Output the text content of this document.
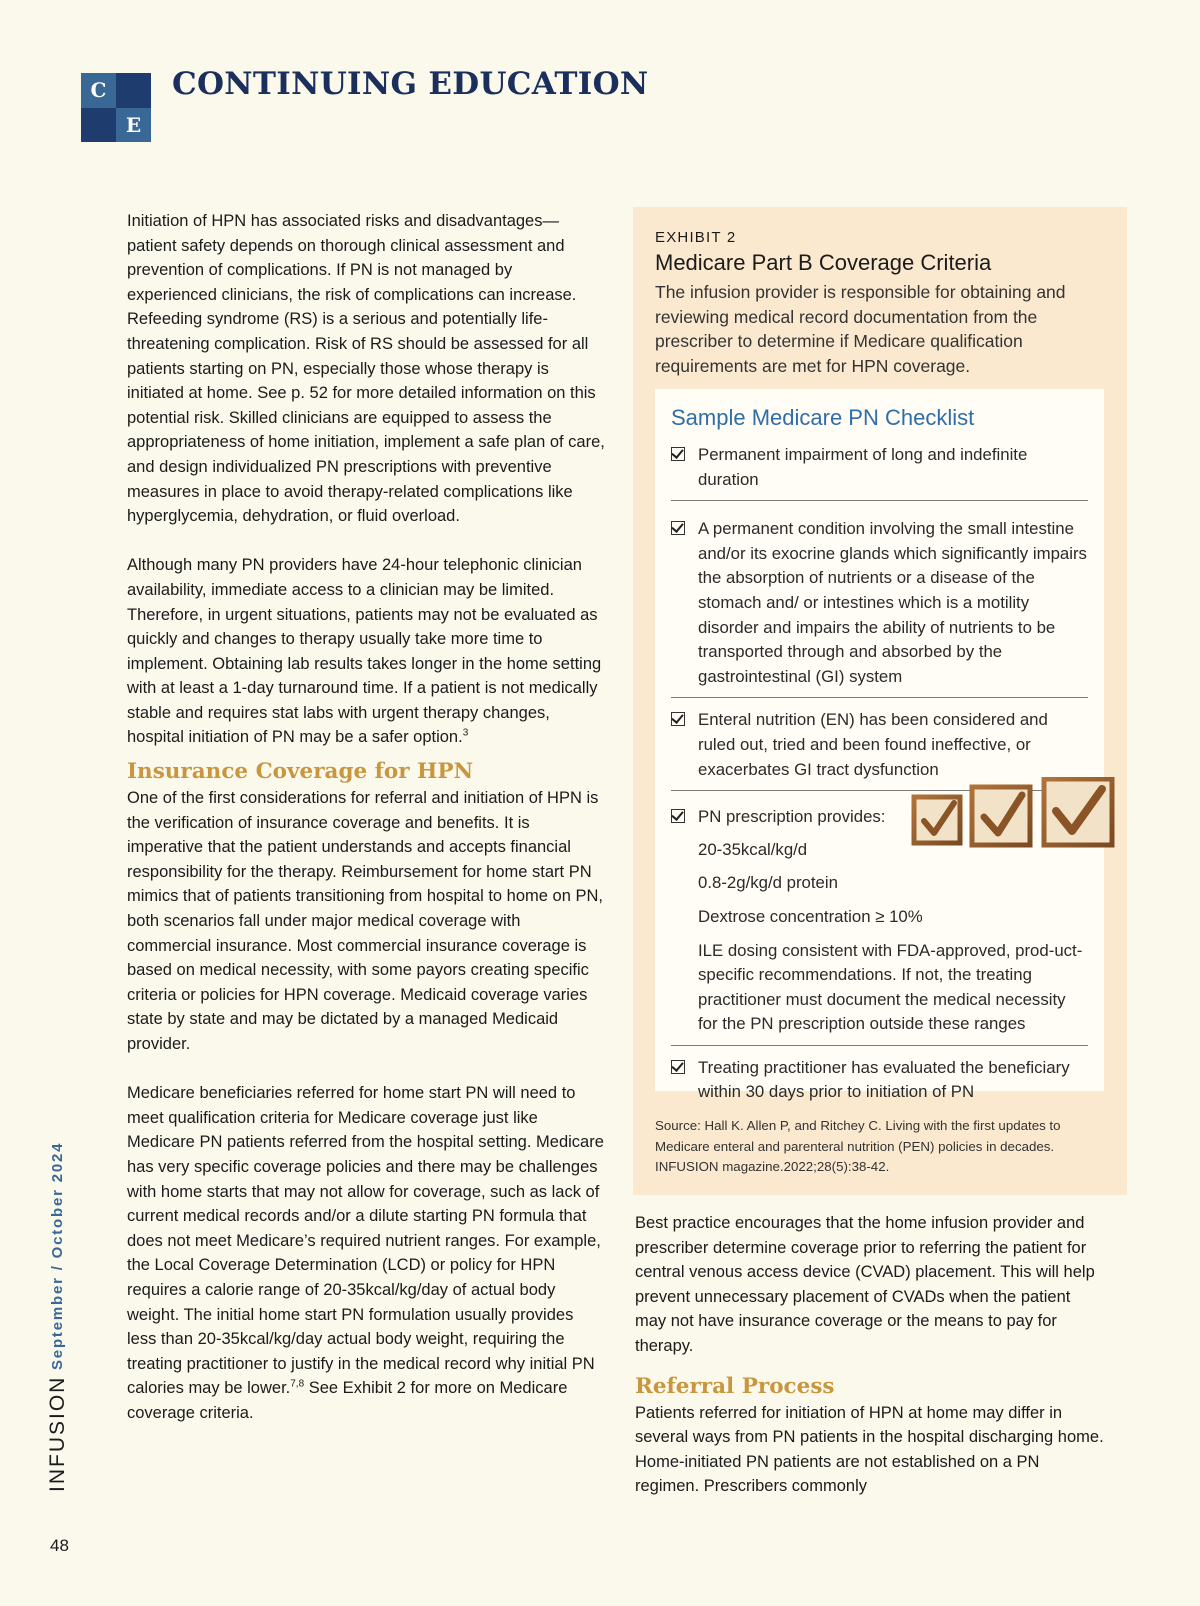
C
E
CONTINUING EDUCATION
INFUSION
September / October 2024
48

Initiation of HPN has associated risks and disadvantages—patient safety depends on thorough clinical assessment and prevention of complications. If PN is not managed by experienced clinicians, the risk of complications can increase. Refeeding syndrome (RS) is a serious and potentially life-threatening complication. Risk of RS should be assessed for all patients starting on PN, especially those whose therapy is initiated at home. See p. 52 for more detailed information on this potential risk. Skilled clinicians are equipped to assess the appropriateness of home initiation, implement a safe plan of care, and design individualized PN prescriptions with preventive measures in place to avoid therapy-related complications like hyperglycemia, dehydration, or fluid overload.

Although many PN providers have 24-hour telephonic clinician availability, immediate access to a clinician may be limited. Therefore, in urgent situations, patients may not be evaluated as quickly and changes to therapy usually take more time to implement. Obtaining lab results takes longer in the home setting with at least a 1-day turnaround time. If a patient is not medically stable and requires stat labs with urgent therapy changes, hospital initiation of PN may be a safer option.$^3$

Insurance Coverage for HPN

One of the first considerations for referral and initiation of HPN is the verification of insurance coverage and benefits. It is imperative that the patient understands and accepts financial responsibility for the therapy. Reimbursement for home start PN mimics that of patients transitioning from hospital to home on PN, both scenarios fall under major medical coverage with commercial insurance. Most commercial insurance coverage is based on medical necessity, with some payors creating specific criteria or policies for HPN coverage. Medicaid coverage varies state by state and may be dictated by a managed Medicaid provider.

Medicare beneficiaries referred for home start PN will need to meet qualification criteria for Medicare coverage just like Medicare PN patients referred from the hospital setting. Medicare has very specific coverage policies and there may be challenges with home starts that may not allow for coverage, such as lack of current medical records and/or a dilute starting PN formula that does not meet Medicare’s required nutrient ranges. For example, the Local Coverage Determination (LCD) or policy for HPN requires a calorie range of 20-35kcal/kg/day of actual body weight. The initial home start PN formulation usually provides less than 20-35kcal/kg/day actual body weight, requiring the treating practitioner to justify in the medical record why initial PN calories may be lower.$^{7,8}$ See Exhibit 2 for more on Medicare coverage criteria.

EXHIBIT 2
Medicare Part B Coverage Criteria
The infusion provider is responsible for obtaining and reviewing medical record documentation from the prescriber to determine if Medicare qualification requirements are met for HPN coverage.
Sample Medicare PN Checklist
Permanent impairment of long and indefinite duration
A permanent condition involving the small intestine and/or its exocrine glands which significantly impairs the absorption of nutrients or a disease of the stomach and/ or intestines which is a motility disorder and impairs the ability of nutrients to be transported through and absorbed by the gastrointestinal (GI) system
Enteral nutrition (EN) has been considered and ruled out, tried and been found ineffective, or exacerbates GI tract dysfunction
PN prescription provides:
20-35kcal/kg/d
0.8-2g/kg/d protein
Dextrose concentration ≥ 10%
ILE dosing consistent with FDA-approved, prod-uct-specific recommendations. If not, the treating practitioner must document the medical necessity for the PN prescription outside these ranges
Treating practitioner has evaluated the beneficiary within 30 days prior to initiation of PN
Source: Hall K. Allen P, and Ritchey C. Living with the first updates to Medicare enteral and parenteral nutrition (PEN) policies in decades. INFUSION magazine.2022;28(5):38-42.

Best practice encourages that the home infusion provider and prescriber determine coverage prior to referring the patient for central venous access device (CVAD) placement. This will help prevent unnecessary placement of CVADs when the patient may not have insurance coverage or the means to pay for therapy.

Referral Process

Patients referred for initiation of HPN at home may differ in several ways from PN patients in the hospital discharging home. Home-initiated PN patients are not established on a PN regimen. Prescribers commonly
